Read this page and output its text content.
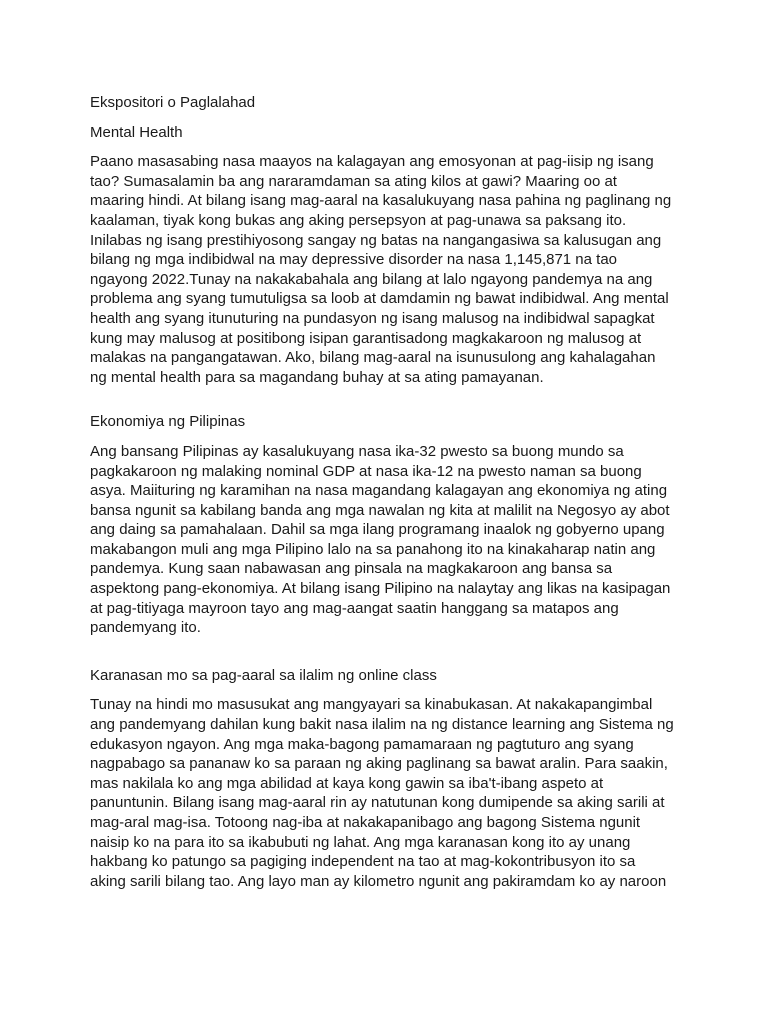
Ekspositori o Paglalahad
Mental Health
Paano masasabing nasa maayos na kalagayan ang emosyonan at pag-iisip ng isang
tao? Sumasalamin ba ang nararamdaman sa ating kilos at gawi? Maaring oo at
maaring hindi. At bilang isang mag-aaral na kasalukuyang nasa pahina ng paglinang ng
kaalaman, tiyak kong bukas ang aking persepsyon at pag-unawa sa paksang ito.
Inilabas ng isang prestihiyosong sangay ng batas na nangangasiwa sa kalusugan ang
bilang ng mga indibidwal na may depressive disorder na nasa 1,145,871 na tao
ngayong 2022.Tunay na nakakabahala ang bilang at lalo ngayong pandemya na ang
problema ang syang tumutuligsa sa loob at damdamin ng bawat indibidwal. Ang mental
health ang syang itunuturing na pundasyon ng isang malusog na indibidwal sapagkat
kung may malusog at positibong isipan garantisadong magkakaroon ng malusog at
malakas na pangangatawan. Ako, bilang mag-aaral na isunusulong ang kahalagahan
ng mental health para sa magandang buhay at sa ating pamayanan.
Ekonomiya ng Pilipinas
Ang bansang Pilipinas ay kasalukuyang nasa ika-32 pwesto sa buong mundo sa
pagkakaroon ng malaking nominal GDP at nasa ika-12 na pwesto naman sa buong
asya. Maiituring ng karamihan na nasa magandang kalagayan ang ekonomiya ng ating
bansa ngunit sa kabilang banda ang mga nawalan ng kita at malilit na Negosyo ay abot
ang daing sa pamahalaan. Dahil sa mga ilang programang inaalok ng gobyerno upang
makabangon muli ang mga Pilipino lalo na sa panahong ito na kinakaharap natin ang
pandemya. Kung saan nabawasan ang pinsala na magkakaroon ang bansa sa
aspektong pang-ekonomiya. At bilang isang Pilipino na nalaytay ang likas na kasipagan
at pag-titiyaga mayroon tayo ang mag-aangat saatin hanggang sa matapos ang
pandemyang ito.
Karanasan mo sa pag-aaral sa ilalim ng online class
Tunay na hindi mo masusukat ang mangyayari sa kinabukasan. At nakakapangimbal
ang pandemyang dahilan kung bakit nasa ilalim na ng distance learning ang Sistema ng
edukasyon ngayon. Ang mga maka-bagong pamamaraan ng pagtuturo ang syang
nagpabago sa pananaw ko sa paraan ng aking paglinang sa bawat aralin. Para saakin,
mas nakilala ko ang mga abilidad at kaya kong gawin sa iba't-ibang aspeto at
panuntunin. Bilang isang mag-aaral rin ay natutunan kong dumipende sa aking sarili at
mag-aral mag-isa. Totoong nag-iba at nakakapanibago ang bagong Sistema ngunit
naisip ko na para ito sa ikabubuti ng lahat. Ang mga karanasan kong ito ay unang
hakbang ko patungo sa pagiging independent na tao at mag-kokontribusyon ito sa
aking sarili bilang tao. Ang layo man ay kilometro ngunit ang pakiramdam ko ay naroon
